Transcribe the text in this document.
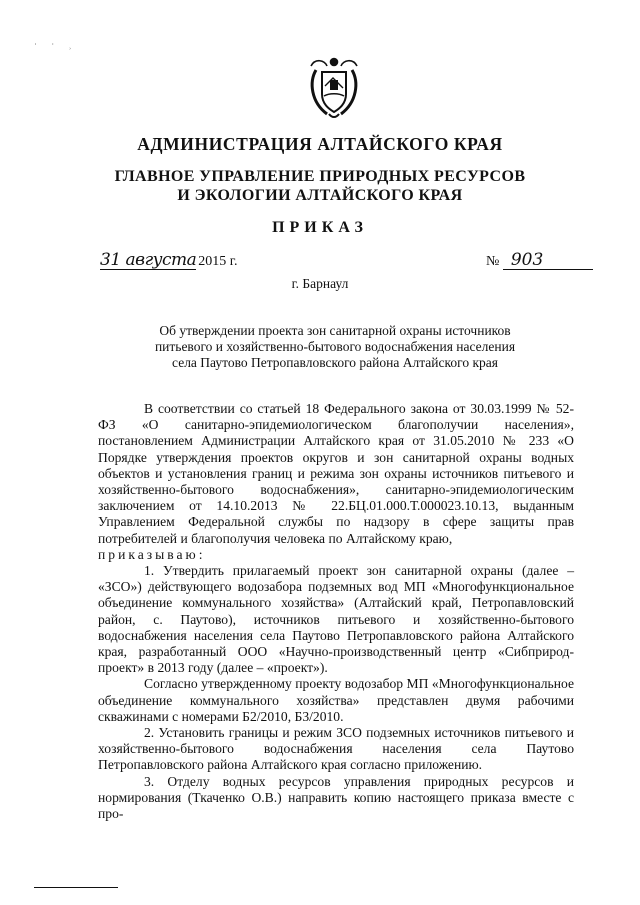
˙ ˙ ˒
АДМИНИСТРАЦИЯ АЛТАЙСКОГО КРАЯ
ГЛАВНОЕ УПРАВЛЕНИЕ ПРИРОДНЫХ РЕСУРСОВ
И ЭКОЛОГИИ АЛТАЙСКОГО КРАЯ
ПРИКАЗ
31 августа 2015 г.	№ 903
г. Барнаул
Об утверждении проекта зон санитарной охраны источников
питьевого и хозяйственно-бытового водоснабжения населения
села Паутово Петропавловского района Алтайского края

В соответствии со статьей 18 Федерального закона от 30.03.1999 № 52-ФЗ «О санитарно-эпидемиологическом благополучии населения», постановлением Администрации Алтайского края от 31.05.2010 № 233 «О Порядке утверждения проектов округов и зон санитарной охраны водных объектов и установления границ и режима зон охраны источников питьевого и хозяйственно-бытового водоснабжения», санитарно-эпидемиологическим заключением от 14.10.2013 № 22.БЦ.01.000.Т.000023.10.13, выданным Управлением Федеральной службы по надзору в сфере защиты прав потребителей и благополучия человека по Алтайскому краю,

приказываю:

1. Утвердить прилагаемый проект зон санитарной охраны (далее – «ЗСО») действующего водозабора подземных вод МП «Многофункциональное объединение коммунального хозяйства» (Алтайский край, Петропавловский район, с. Паутово), источников питьевого и хозяйственно-бытового водоснабжения населения села Паутово Петропавловского района Алтайского края, разработанный ООО «Научно-производственный центр «Сибприрод-проект» в 2013 году (далее – «проект»).

Согласно утвержденному проекту водозабор МП «Многофункциональное объединение коммунального хозяйства» представлен двумя рабочими скважинами с номерами Б2/2010, Б3/2010.

2. Установить границы и режим ЗСО подземных источников питьевого и хозяйственно-бытового водоснабжения населения села Паутово Петропавловского района Алтайского края согласно приложению.

3. Отделу водных ресурсов управления природных ресурсов и нормирования (Ткаченко О.В.) направить копию настоящего приказа вместе с про-
